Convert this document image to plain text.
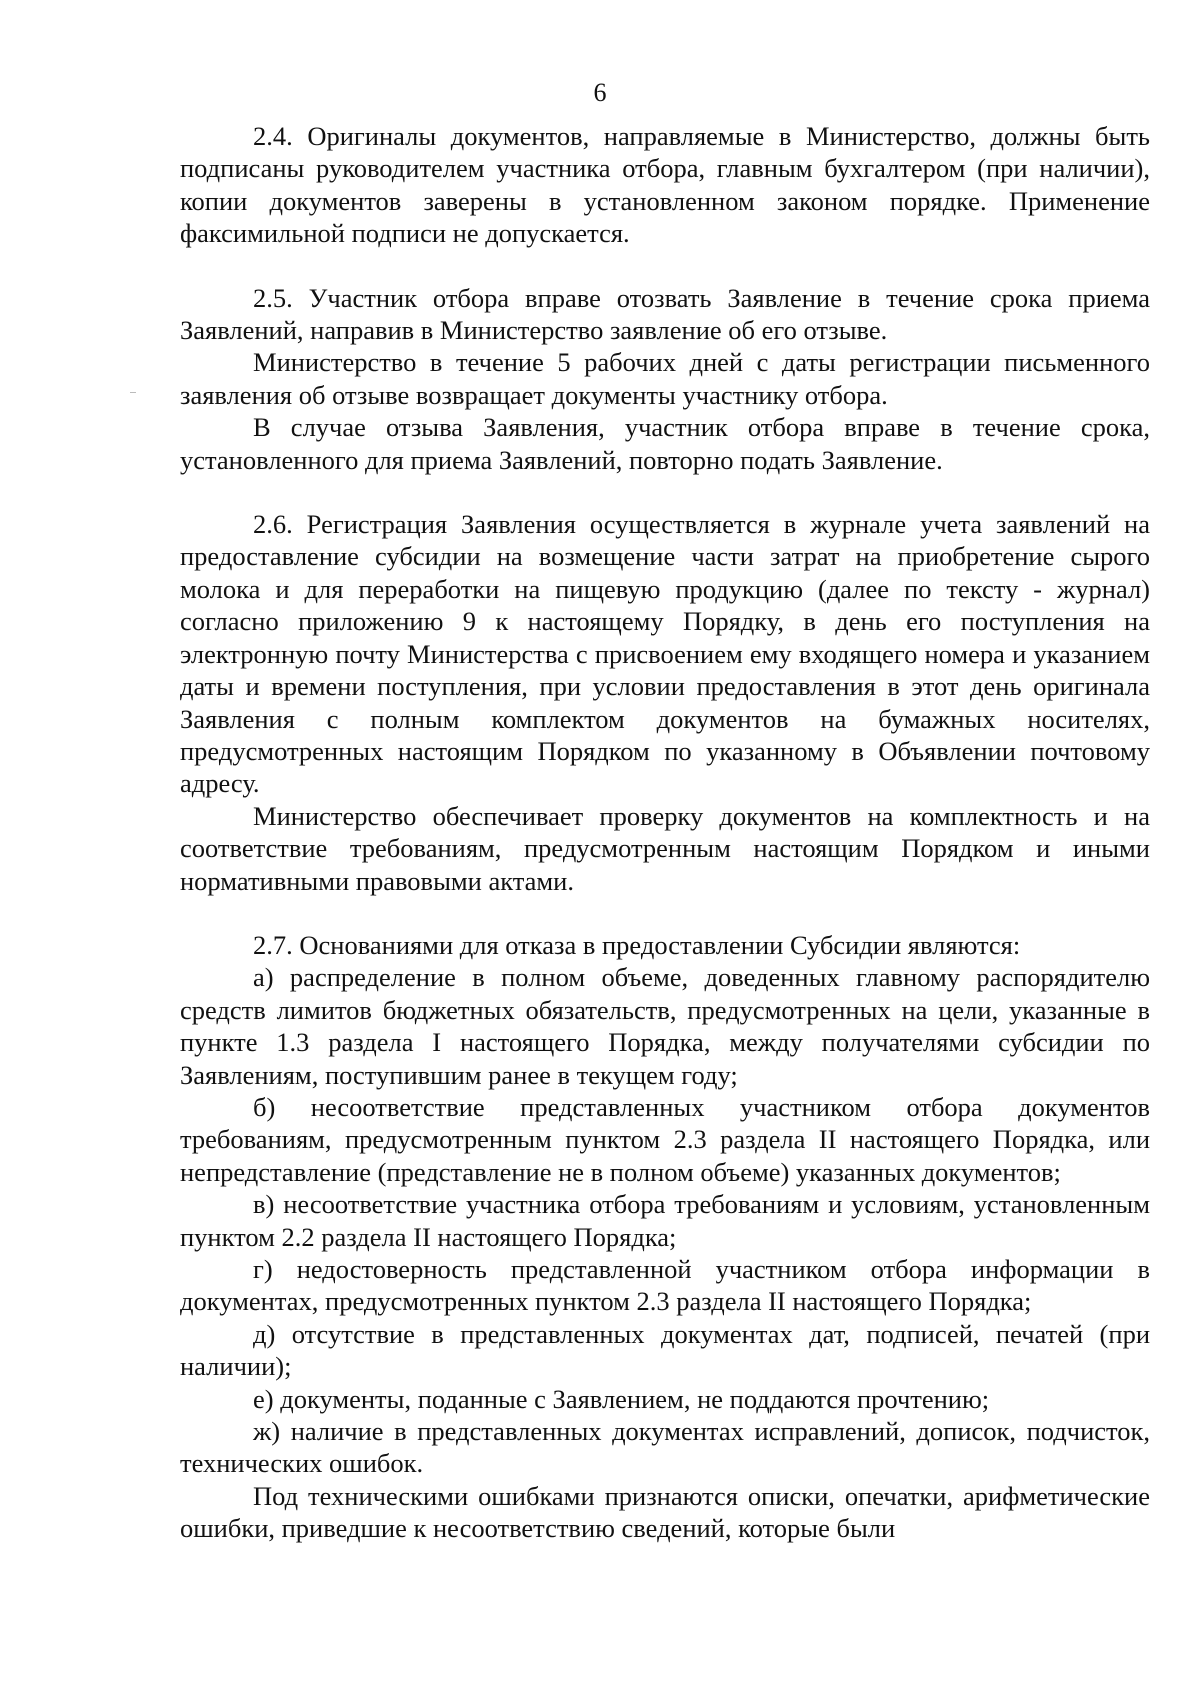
6

2.4. Оригиналы документов, направляемые в Министерство, должны быть подписаны руководителем участника отбора, главным бухгалтером (при наличии), копии документов заверены в установленном законом порядке. Применение факсимильной подписи не допускается.

2.5. Участник отбора вправе отозвать Заявление в течение срока приема Заявлений, направив в Министерство заявление об его отзыве.

Министерство в течение 5 рабочих дней с даты регистрации письменного заявления об отзыве возвращает документы участнику отбора.

В случае отзыва Заявления, участник отбора вправе в течение срока, установленного для приема Заявлений, повторно подать Заявление.

2.6. Регистрация Заявления осуществляется в журнале учета заявлений на предоставление субсидии на возмещение части затрат на приобретение сырого молока и для переработки на пищевую продукцию (далее по тексту - журнал) согласно приложению 9 к настоящему Порядку, в день его поступления на электронную почту Министерства с присвоением ему входящего номера и указанием даты и времени поступления, при условии предоставления в этот день оригинала Заявления с полным комплектом документов на бумажных носителях, предусмотренных настоящим Порядком по указанному в Объявлении почтовому адресу.

Министерство обеспечивает проверку документов на комплектность и на соответствие требованиям, предусмотренным настоящим Порядком и иными нормативными правовыми актами.

2.7. Основаниями для отказа в предоставлении Субсидии являются:

а) распределение в полном объеме, доведенных главному распорядителю средств лимитов бюджетных обязательств, предусмотренных на цели, указанные в пункте 1.3 раздела I настоящего Порядка, между получателями субсидии по Заявлениям, поступившим ранее в текущем году;

б) несоответствие представленных участником отбора документов требованиям, предусмотренным пунктом 2.3 раздела II настоящего Порядка, или непредставление (представление не в полном объеме) указанных документов;

в) несоответствие участника отбора требованиям и условиям, установленным пунктом 2.2 раздела II настоящего Порядка;

г) недостоверность представленной участником отбора информации в документах, предусмотренных пунктом 2.3 раздела II настоящего Порядка;

д) отсутствие в представленных документах дат, подписей, печатей (при наличии);

е) документы, поданные с Заявлением, не поддаются прочтению;

ж) наличие в представленных документах исправлений, дописок, подчисток, технических ошибок.

Под техническими ошибками признаются описки, опечатки, арифметические ошибки, приведшие к несоответствию сведений, которые были
